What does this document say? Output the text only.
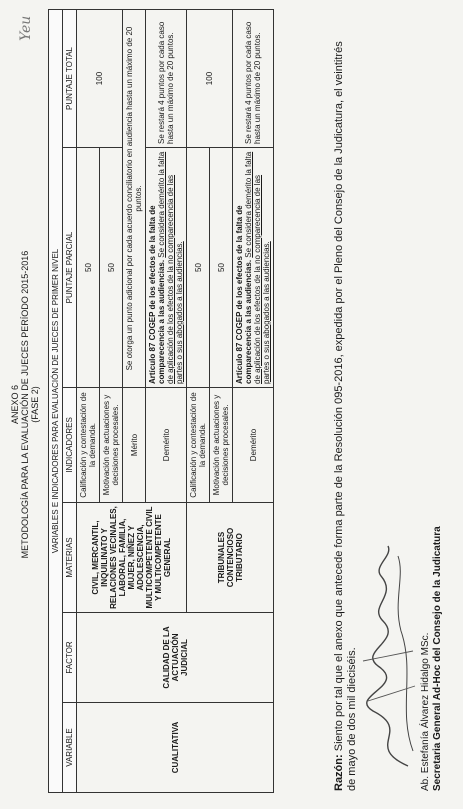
Yeu
ANEXO 6 METODOLOGÍA PARA LA EVALUACIÓN DE JUECES PERÍODO 2015-2016 (FASE 2) VARIABLES E INDICADORES PARA EVALUACIÓN DE JUECES DE PRIMER NIVEL					
VARIABLE	FACTOR	MATERIAS	INDICADORES	PUNTAJE PARCIAL	PUNTAJE TOTAL
CUALITATIVA	CALIDAD DE LA ACTUACIÓN JUDICIAL	CIVIL, MERCANTIL, INQUILINATO Y RELACIONES VECINALES, LABORAL, FAMILIA, MUJER, NIÑEZ Y ADOLESCENCIA, MULTICOMPETENTE CIVIL Y MULTICOMPETENTE GENERAL	Calificación y contestación de la demanda.	50	100
			Motivación de actuaciones y decisiones procesales.	50	
			Mérito	Se otorga un punto adicional por cada acuerdo conciliatorio en audiencia hasta un máximo de 20 puntos.	
			Demérito	Artículo 87 COGEP de los efectos de la falta de comparecencia a las audiencias. Se considera demérito la falta de aplicación de los efectos de la no comparecencia de las partes o sus abogados a las audiencias.	Se restará 4 puntos por cada caso hasta un máximo de 20 puntos.

		TRIBUNALES CONTENCIOSO TRIBUTARIO	Calificación y contestación de la demanda.	50	100
			Motivación de actuaciones y decisiones procesales.	50	
			Demérito	Artículo 87 COGEP de los efectos de la falta de comparecencia a las audiencias. Se considera demérito la falta de aplicación de los efectos de la no comparecencia de las partes o sus abogados a las audiencias.	Se restará 4 puntos por cada caso hasta un máximo de 20 puntos.

Razón: Siento por tal que el anexo que antecede forma parte de la Resolución 095-2016, expedida por el Pleno del Consejo de la Judicatura, el veintitrés de mayo de dos mil dieciséis.	Ab. Estefanía Álvarez Hidalgo MSc. Secretaria General Ad-Hoc del Consejo de la Judicatura
